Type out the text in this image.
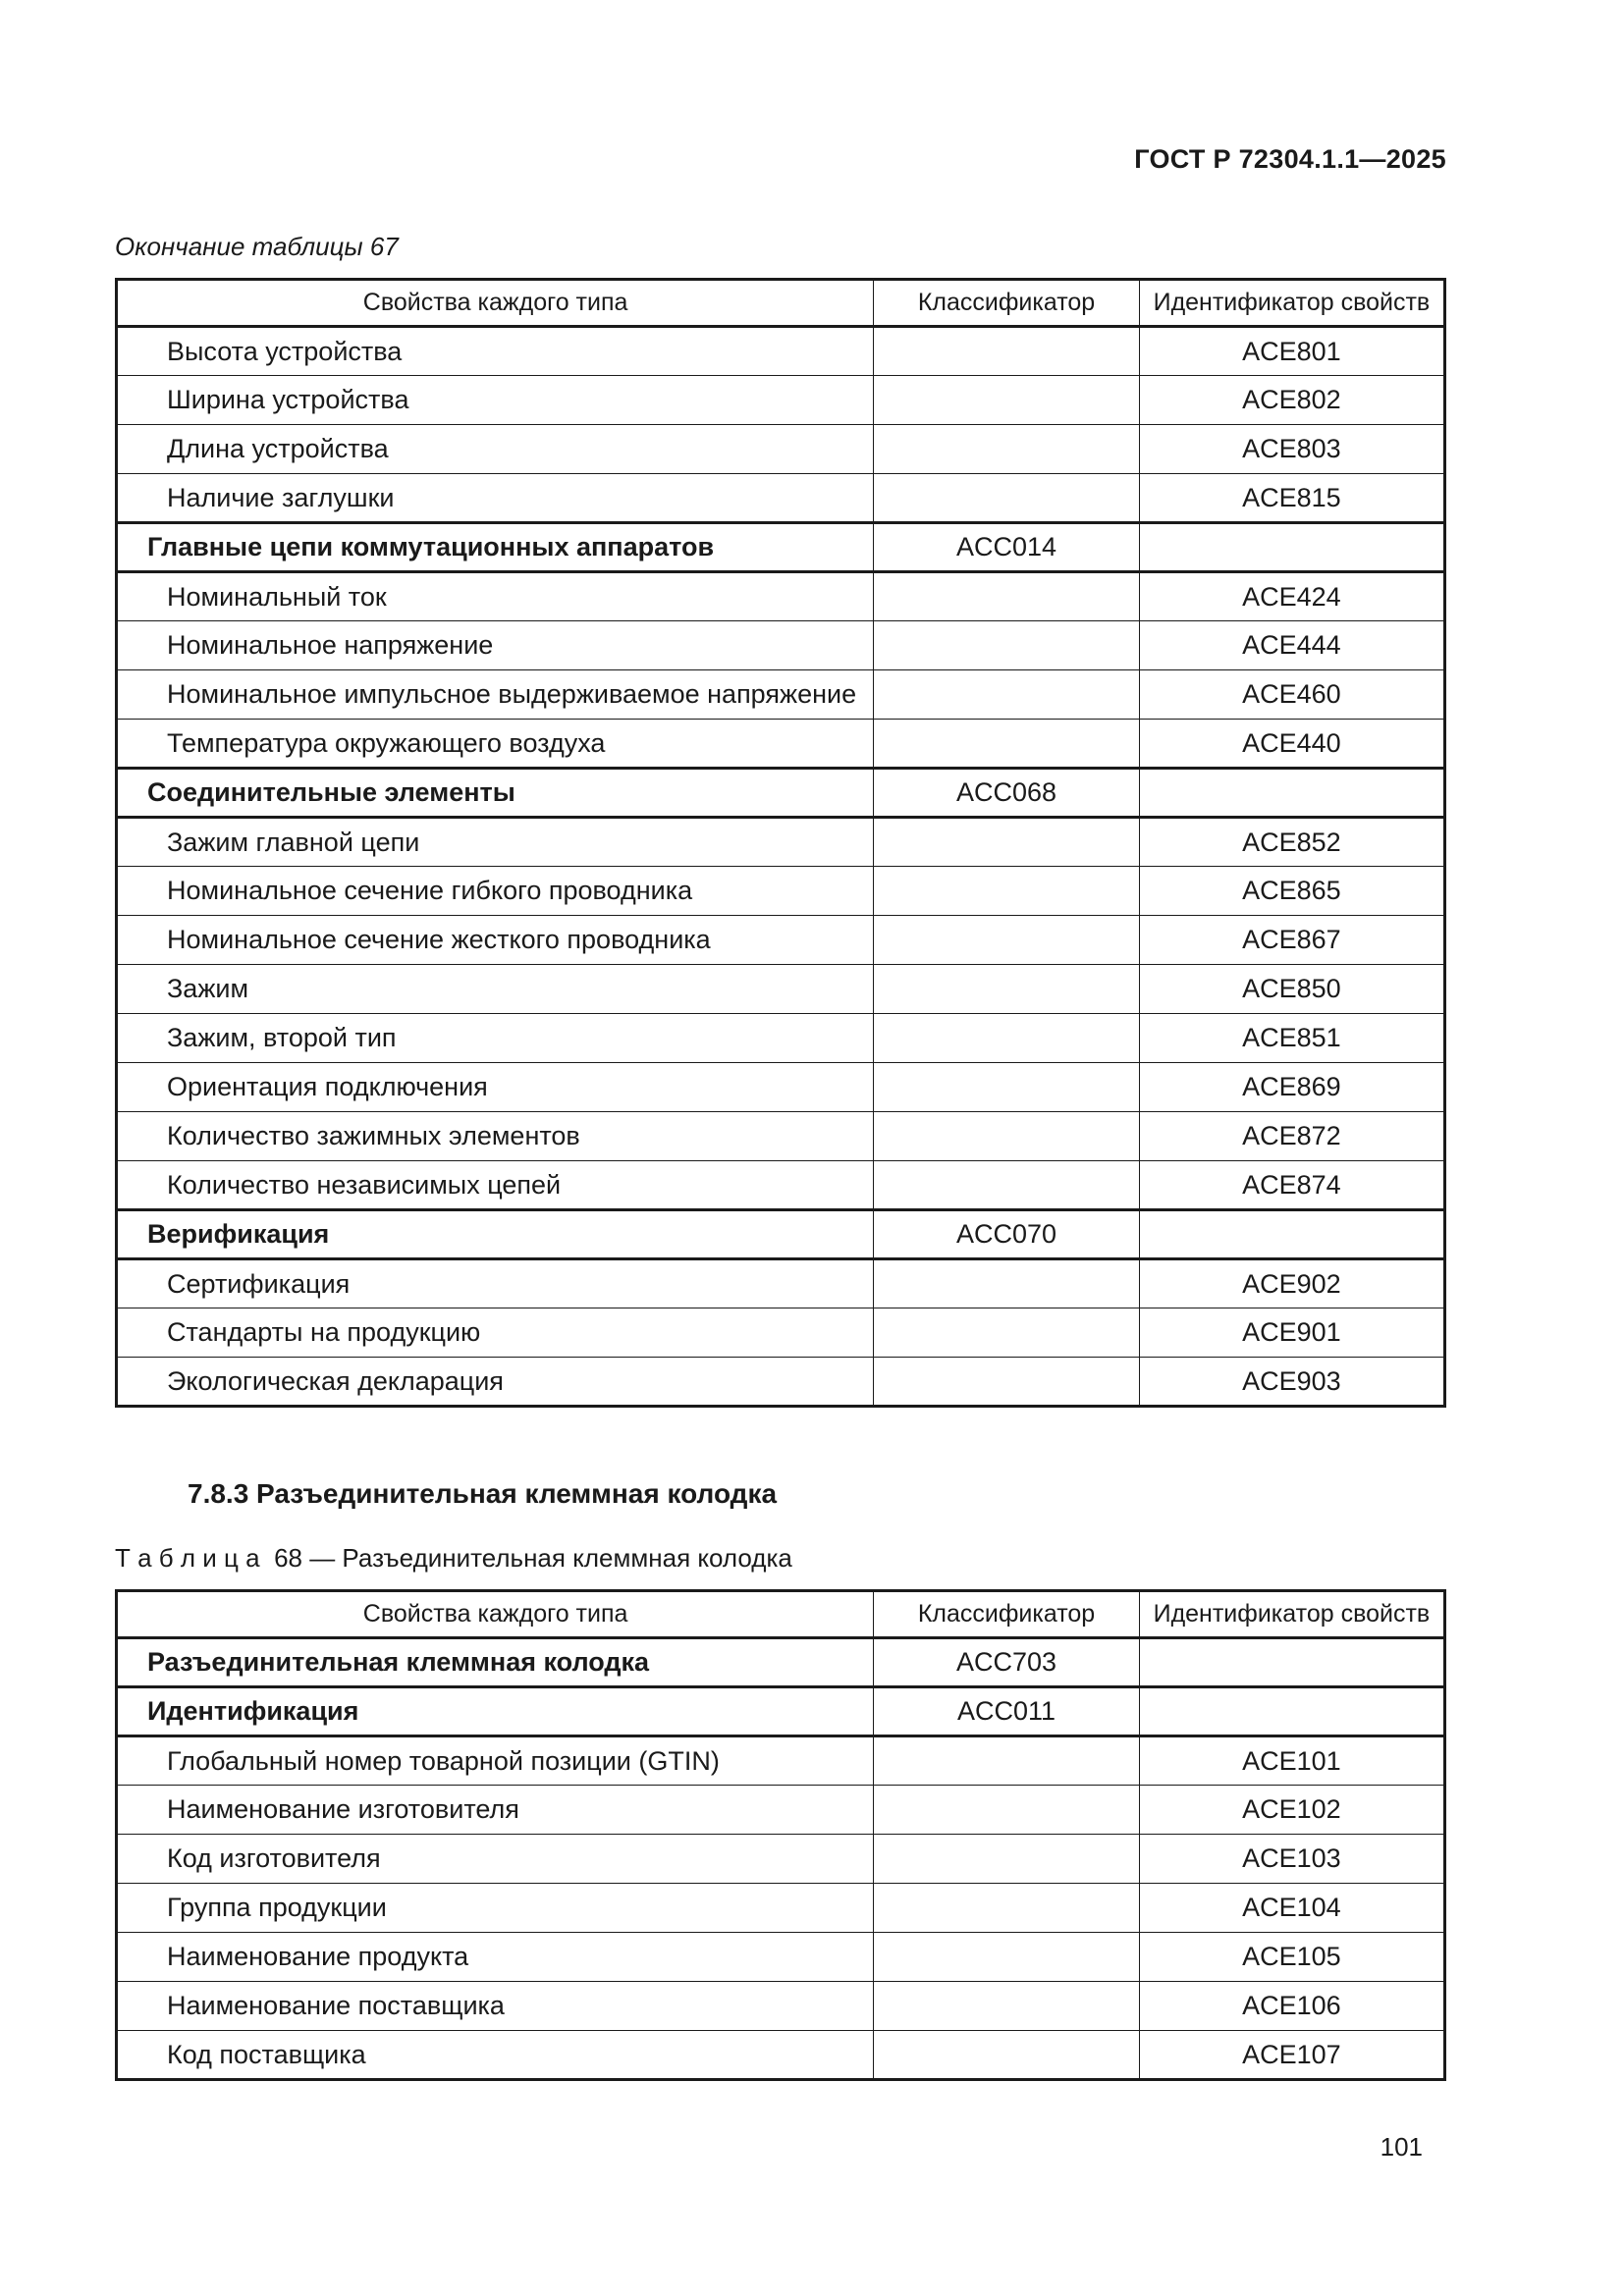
ГОСТ Р 72304.1.1—2025
Окончание таблицы 67
Свойства каждого типа	Классификатор	Идентификатор свойств
Высота устройства		ACE801
Ширина устройства		ACE802
Длина устройства		ACE803
Наличие заглушки		ACE815
Главные цепи коммутационных аппаратов	ACC014	
Номинальный ток		ACE424
Номинальное напряжение		ACE444
Номинальное импульсное выдерживаемое напряжение		ACE460
Температура окружающего воздуха		ACE440
Соединительные элементы	ACC068	
Зажим главной цепи		ACE852
Номинальное сечение гибкого проводника		ACE865
Номинальное сечение жесткого проводника		ACE867
Зажим		ACE850
Зажим, второй тип		ACE851
Ориентация подключения		ACE869
Количество зажимных элементов		ACE872
Количество независимых цепей		ACE874
Верификация	ACC070	
Сертификация		ACE902
Стандарты на продукцию		ACE901
Экологическая декларация		ACE903
7.8.3 Разъединительная клеммная колодка
Т а б л и ц а  68 — Разъединительная клеммная колодка
Свойства каждого типа	Классификатор	Идентификатор свойств
Разъединительная клеммная колодка	ACC703	
Идентификация	ACC011	
Глобальный номер товарной позиции (GTIN)		ACE101
Наименование изготовителя		ACE102
Код изготовителя		ACE103
Группа продукции		ACE104
Наименование продукта		ACE105
Наименование поставщика		ACE106
Код поставщика		ACE107
101
